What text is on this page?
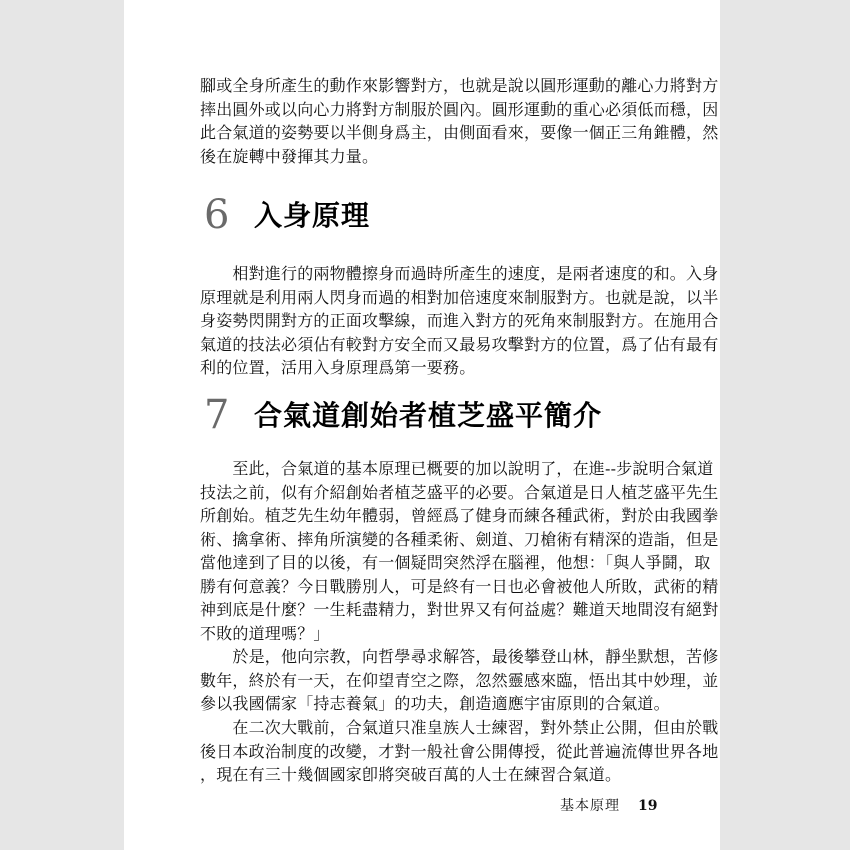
腳或全身所產生的動作來影響對方，也就是說以圓形運動的離心力將對方
摔出圓外或以向心力將對方制服於圓內。圓形運動的重心必須低而穩，因
此合氣道的姿勢要以半側身爲主，由側面看來，要像一個正三角錐體，然
後在旋轉中發揮其力量。

6 入身原理

　　相對進行的兩物體擦身而過時所產生的速度，是兩者速度的和。入身
原理就是利用兩人閃身而過的相對加倍速度來制服對方。也就是說，以半
身姿勢閃開對方的正面攻擊線，而進入對方的死角來制服對方。在施用合
氣道的技法必須佔有較對方安全而又最易攻擊對方的位置，爲了佔有最有
利的位置，活用入身原理爲第一要務。

7 合氣道創始者植芝盛平簡介

　　至此，合氣道的基本原理已概要的加以說明了，在進--步說明合氣道
技法之前，似有介紹創始者植芝盛平的必要。合氣道是日人植芝盛平先生
所創始。植芝先生幼年體弱，曾經爲了健身而練各種武術，對於由我國拳
術、擒拿術、摔角所演變的各種柔術、劍道、刀槍術有精深的造詣，但是
當他達到了目的以後，有一個疑問突然浮在腦裡，他想：「與人爭鬪，取
勝有何意義？今日戰勝別人，可是終有一日也必會被他人所敗，武術的精
神到底是什麼？一生耗盡精力，對世界又有何益處？難道天地間沒有絕對
不敗的道理嗎？」

　　於是，他向宗教，向哲學尋求解答，最後攀登山林，靜坐默想，苦修
數年，終於有一天，在仰望青空之際，忽然靈感來臨，悟出其中妙理，並
參以我國儒家「持志養氣」的功夫，創造適應宇宙原則的合氣道。

　　在二次大戰前，合氣道只准皇族人士練習，對外禁止公開，但由於戰
後日本政治制度的改變，才對一般社會公開傳授，從此普遍流傳世界各地
，現在有三十幾個國家卽將突破百萬的人士在練習合氣道。

基本原理 19
